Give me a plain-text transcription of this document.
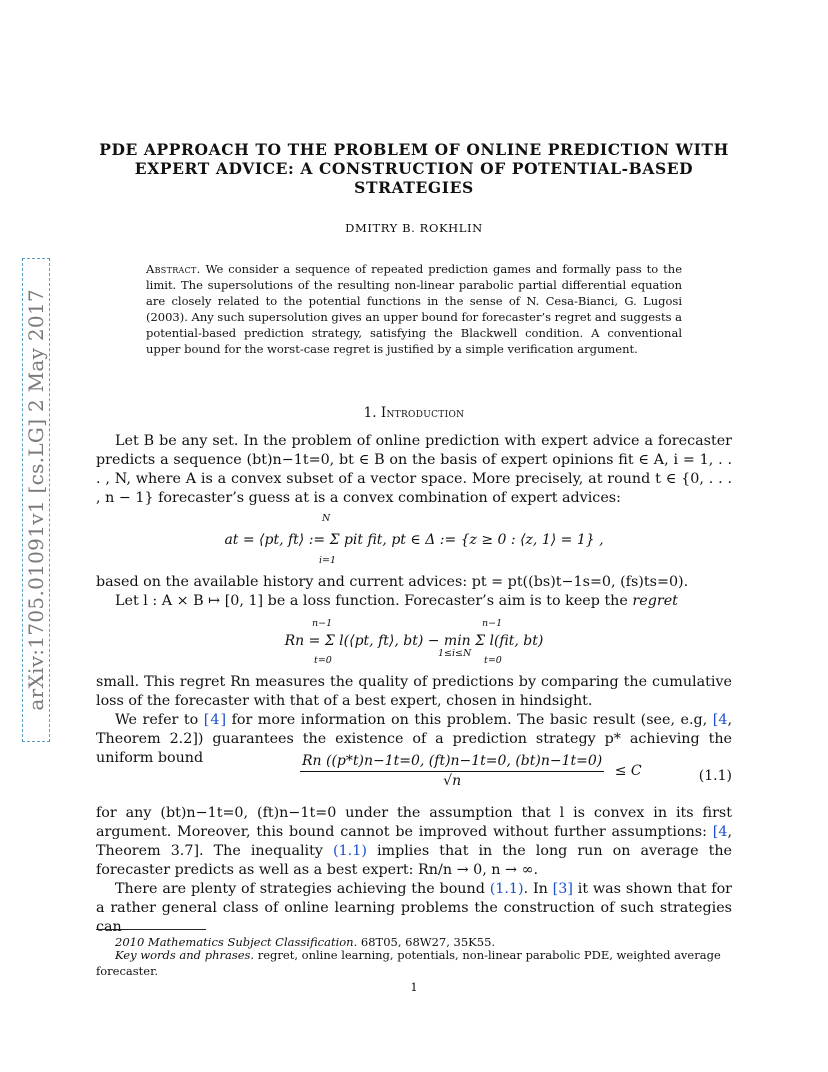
arXiv:1705.01091v1 [cs.LG] 2 May 2017
PDE APPROACH TO THE PROBLEM OF ONLINE PREDICTION WITH
EXPERT ADVICE: A CONSTRUCTION OF POTENTIAL-BASED
STRATEGIES
DMITRY B. ROKHLIN
Abstract. We consider a sequence of repeated prediction games and formally pass to the limit. The supersolutions of the resulting non-linear parabolic partial differential equation are closely related to the potential functions in the sense of N. Cesa-Bianci, G. Lugosi (2003). Any such supersolution gives an upper bound for forecaster’s regret and suggests a potential-based prediction strategy, satisfying the Blackwell condition. A conventional upper bound for the worst-case regret is justified by a simple verification argument.
1. Introduction
Let B be any set. In the problem of online prediction with expert advice a forecaster predicts a sequence (bt)n−1t=0, bt ∈ B on the basis of expert opinions fit ∈ A, i = 1, . . . , N, where A is a convex subset of a vector space. More precisely, at round t ∈ {0, . . . , n − 1} forecaster’s guess at is a convex combination of expert advices:
at = ⟨pt, ft⟩ := Σ pit fit, pt ∈ Δ := {z ≥ 0 : ⟨z, 1⟩ = 1} ,
N
i=1
based on the available history and current advices: pt = pt((bs)t−1s=0, (fs)ts=0).
Let l : A × B ↦ [0, 1] be a loss function. Forecaster’s aim is to keep the regret
Rn = Σ l(⟨pt, ft⟩, bt) − min Σ l(fit, bt)
n−1
t=0
1≤i≤N
n−1
t=0
small. This regret Rn measures the quality of predictions by comparing the cumulative loss of the forecaster with that of a best expert, chosen in hindsight.
We refer to [4] for more information on this problem. The basic result (see, e.g, [4, Theorem 2.2]) guarantees the existence of a prediction strategy p* achieving the uniform bound	$\frac{Rn ((p*t)n-1t=0, (ft)n-1t=0, (bt)n-1t=0)}{√n} \le C$	(1.1)
for any (bt)n−1t=0, (ft)n−1t=0 under the assumption that l is convex in its first argument. Moreover, this bound cannot be improved without further assumptions: [4, Theorem 3.7]. The inequality (1.1) implies that in the long run on average the forecaster predicts as well as a best expert: Rn/n → 0, n → ∞.
There are plenty of strategies achieving the bound (1.1). In [3] it was shown that for a rather general class of online learning problems the construction of such strategies can
2010 Mathematics Subject Classification. 68T05, 68W27, 35K55.
Key words and phrases. regret, online learning, potentials, non-linear parabolic PDE, weighted average forecaster.
1
